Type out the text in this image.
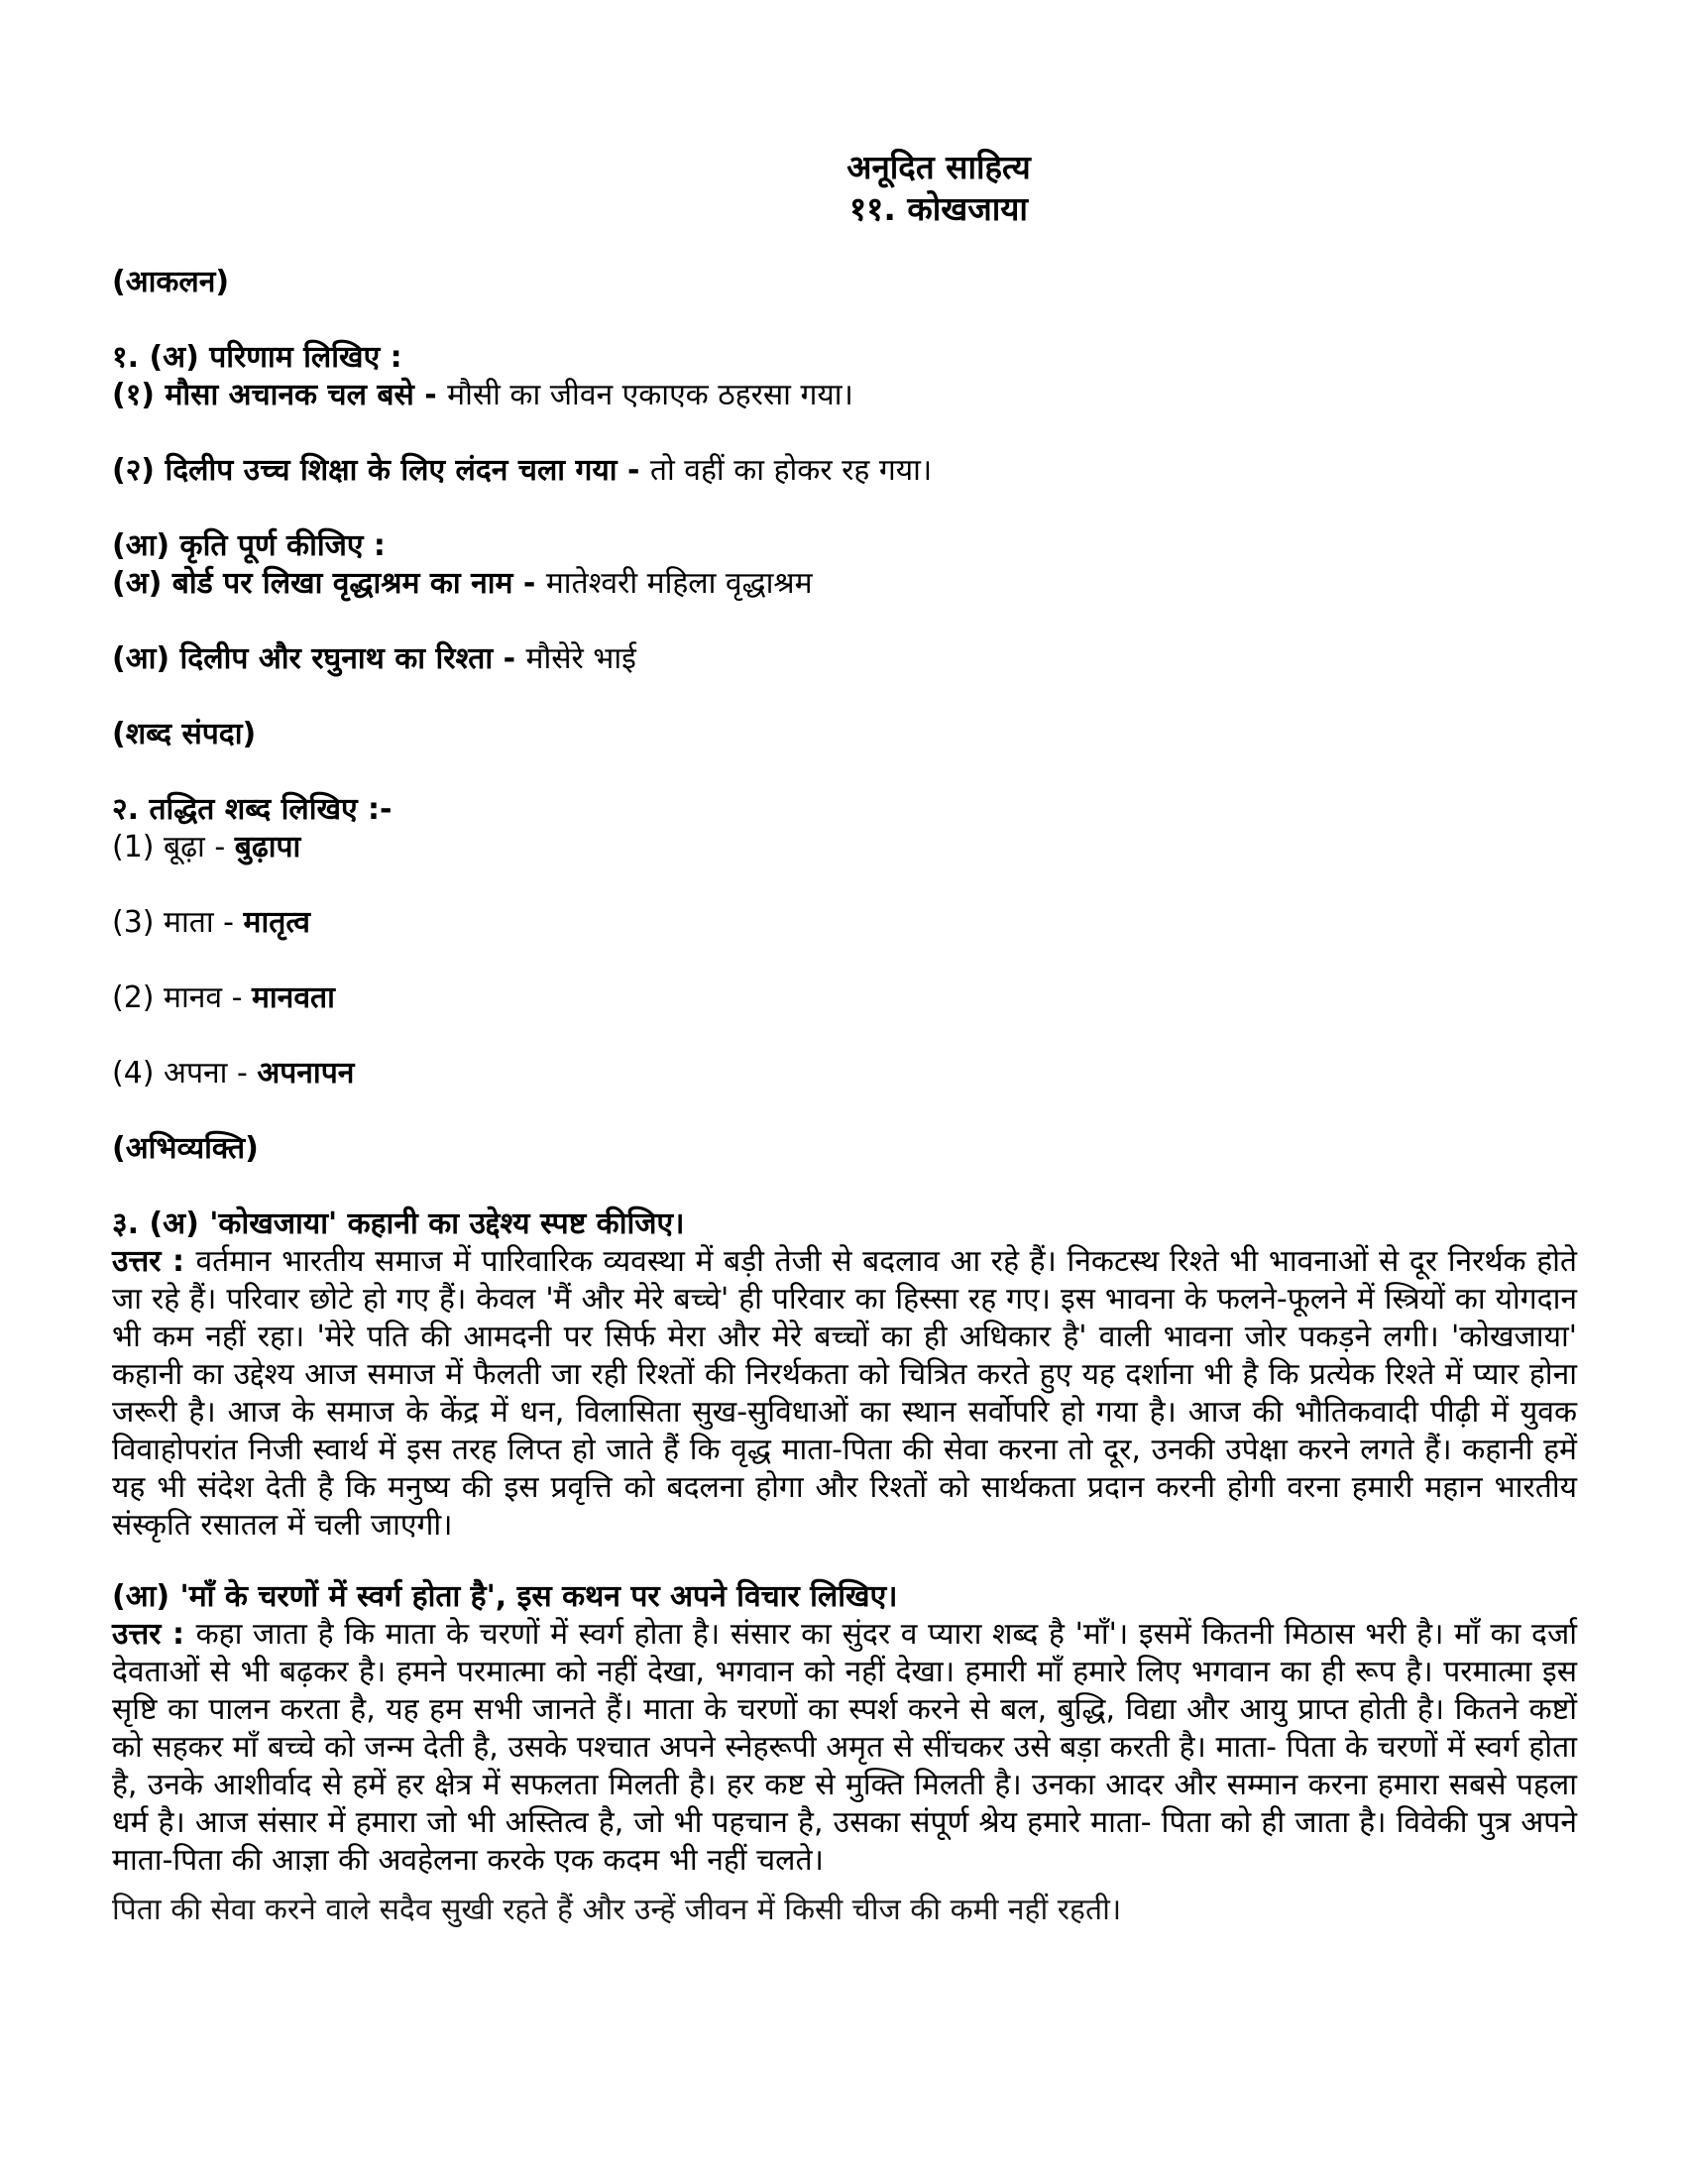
अनूदित साहित्य
११. कोखजाया
(आकलन)
१. (अ) परिणाम लिखिए :
(१) मौसा अचानक चल बसे - मौसी का जीवन एकाएक ठहरसा गया।
(२) दिलीप उच्च शिक्षा के लिए लंदन चला गया - तो वहीं का होकर रह गया।
(आ) कृति पूर्ण कीजिए :
(अ) बोर्ड पर लिखा वृद्धाश्रम का नाम - मातेश्वरी महिला वृद्धाश्रम
(आ) दिलीप और रघुनाथ का रिश्ता - मौसेरे भाई
(शब्द संपदा)
२. तद्धित शब्द लिखिए :-
(1) बूढ़ा - बुढ़ापा
(3) माता - मातृत्व
(2) मानव - मानवता
(4) अपना - अपनापन
(अभिव्यक्ति)
३. (अ) 'कोखजाया' कहानी का उद्देश्य स्पष्ट कीजिए।
उत्तर : वर्तमान भारतीय समाज में पारिवारिक व्यवस्था में बड़ी तेजी से बदलाव आ रहे हैं। निकटस्थ रिश्ते भी भावनाओं से दूर निरर्थक होते जा रहे हैं। परिवार छोटे हो गए हैं। केवल 'मैं और मेरे बच्चे' ही परिवार का हिस्सा रह गए। इस भावना के फलने-फूलने में स्त्रियों का योगदान भी कम नहीं रहा। 'मेरे पति की आमदनी पर सिर्फ मेरा और मेरे बच्चों का ही अधिकार है' वाली भावना जोर पकड़ने लगी। 'कोखजाया' कहानी का उद्देश्य आज समाज में फैलती जा रही रिश्तों की निरर्थकता को चित्रित करते हुए यह दर्शाना भी है कि प्रत्येक रिश्ते में प्यार होना जरूरी है। आज के समाज के केंद्र में धन, विलासिता सुख-सुविधाओं का स्थान सर्वोपरि हो गया है। आज की भौतिकवादी पीढ़ी में युवक विवाहोपरांत निजी स्वार्थ में इस तरह लिप्त हो जाते हैं कि वृद्ध माता-पिता की सेवा करना तो दूर, उनकी उपेक्षा करने लगते हैं। कहानी हमें यह भी संदेश देती है कि मनुष्य की इस प्रवृत्ति को बदलना होगा और रिश्तों को सार्थकता प्रदान करनी होगी वरना हमारी महान भारतीय संस्कृति रसातल में चली जाएगी।
(आ) 'माँ के चरणों में स्वर्ग होता है', इस कथन पर अपने विचार लिखिए।
उत्तर : कहा जाता है कि माता के चरणों में स्वर्ग होता है। संसार का सुंदर व प्यारा शब्द है 'माँ'। इसमें कितनी मिठास भरी है। माँ का दर्जा देवताओं से भी बढ़कर है। हमने परमात्मा को नहीं देखा, भगवान को नहीं देखा। हमारी माँ हमारे लिए भगवान का ही रूप है। परमात्मा इस सृष्टि का पालन करता है, यह हम सभी जानते हैं। माता के चरणों का स्पर्श करने से बल, बुद्धि, विद्या और आयु प्राप्त होती है। कितने कष्टों को सहकर माँ बच्चे को जन्म देती है, उसके पश्चात अपने स्नेहरूपी अमृत से सींचकर उसे बड़ा करती है। माता- पिता के चरणों में स्वर्ग होता है, उनके आशीर्वाद से हमें हर क्षेत्र में सफलता मिलती है। हर कष्ट से मुक्ति मिलती है। उनका आदर और सम्मान करना हमारा सबसे पहला धर्म है। आज संसार में हमारा जो भी अस्तित्व है, जो भी पहचान है, उसका संपूर्ण श्रेय हमारे माता- पिता को ही जाता है। विवेकी पुत्र अपने माता-पिता की आज्ञा की अवहेलना करके एक कदम भी नहीं चलते।
पिता की सेवा करने वाले सदैव सुखी रहते हैं और उन्हें जीवन में किसी चीज की कमी नहीं रहती।
